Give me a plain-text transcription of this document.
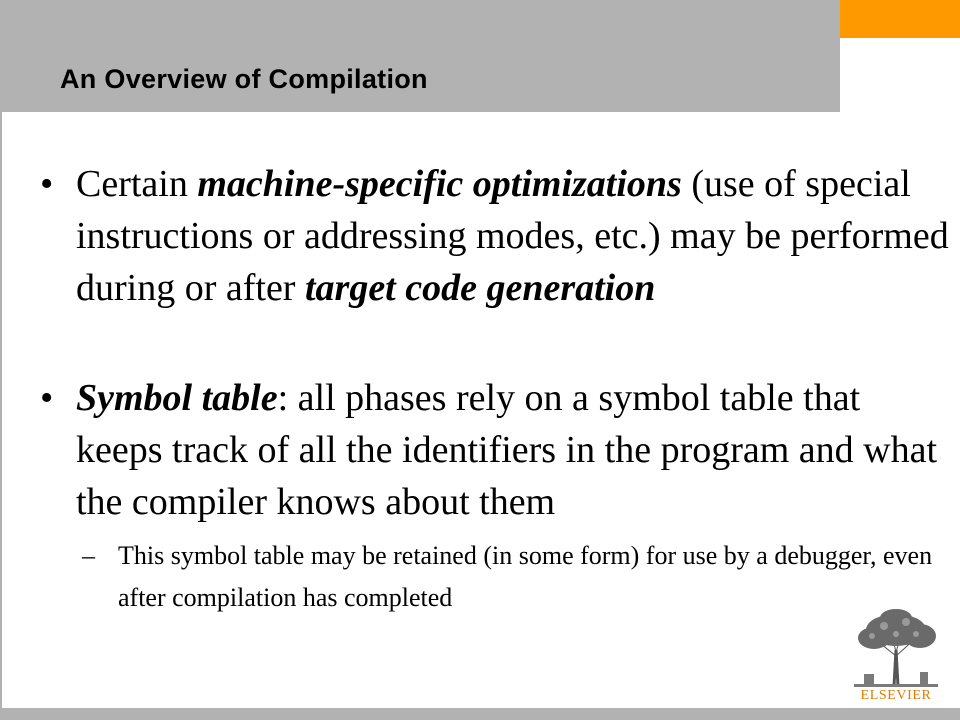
An Overview of Compilation
• Certain machine-specific optimizations (use of special instructions or addressing modes, etc.) may be performed during or after target code generation
• Symbol table: all phases rely on a symbol table that keeps track of all the identifiers in the program and what the compiler knows about them
– This symbol table may be retained (in some form) for use by a debugger, even after compilation has completed
ELSEVIER
